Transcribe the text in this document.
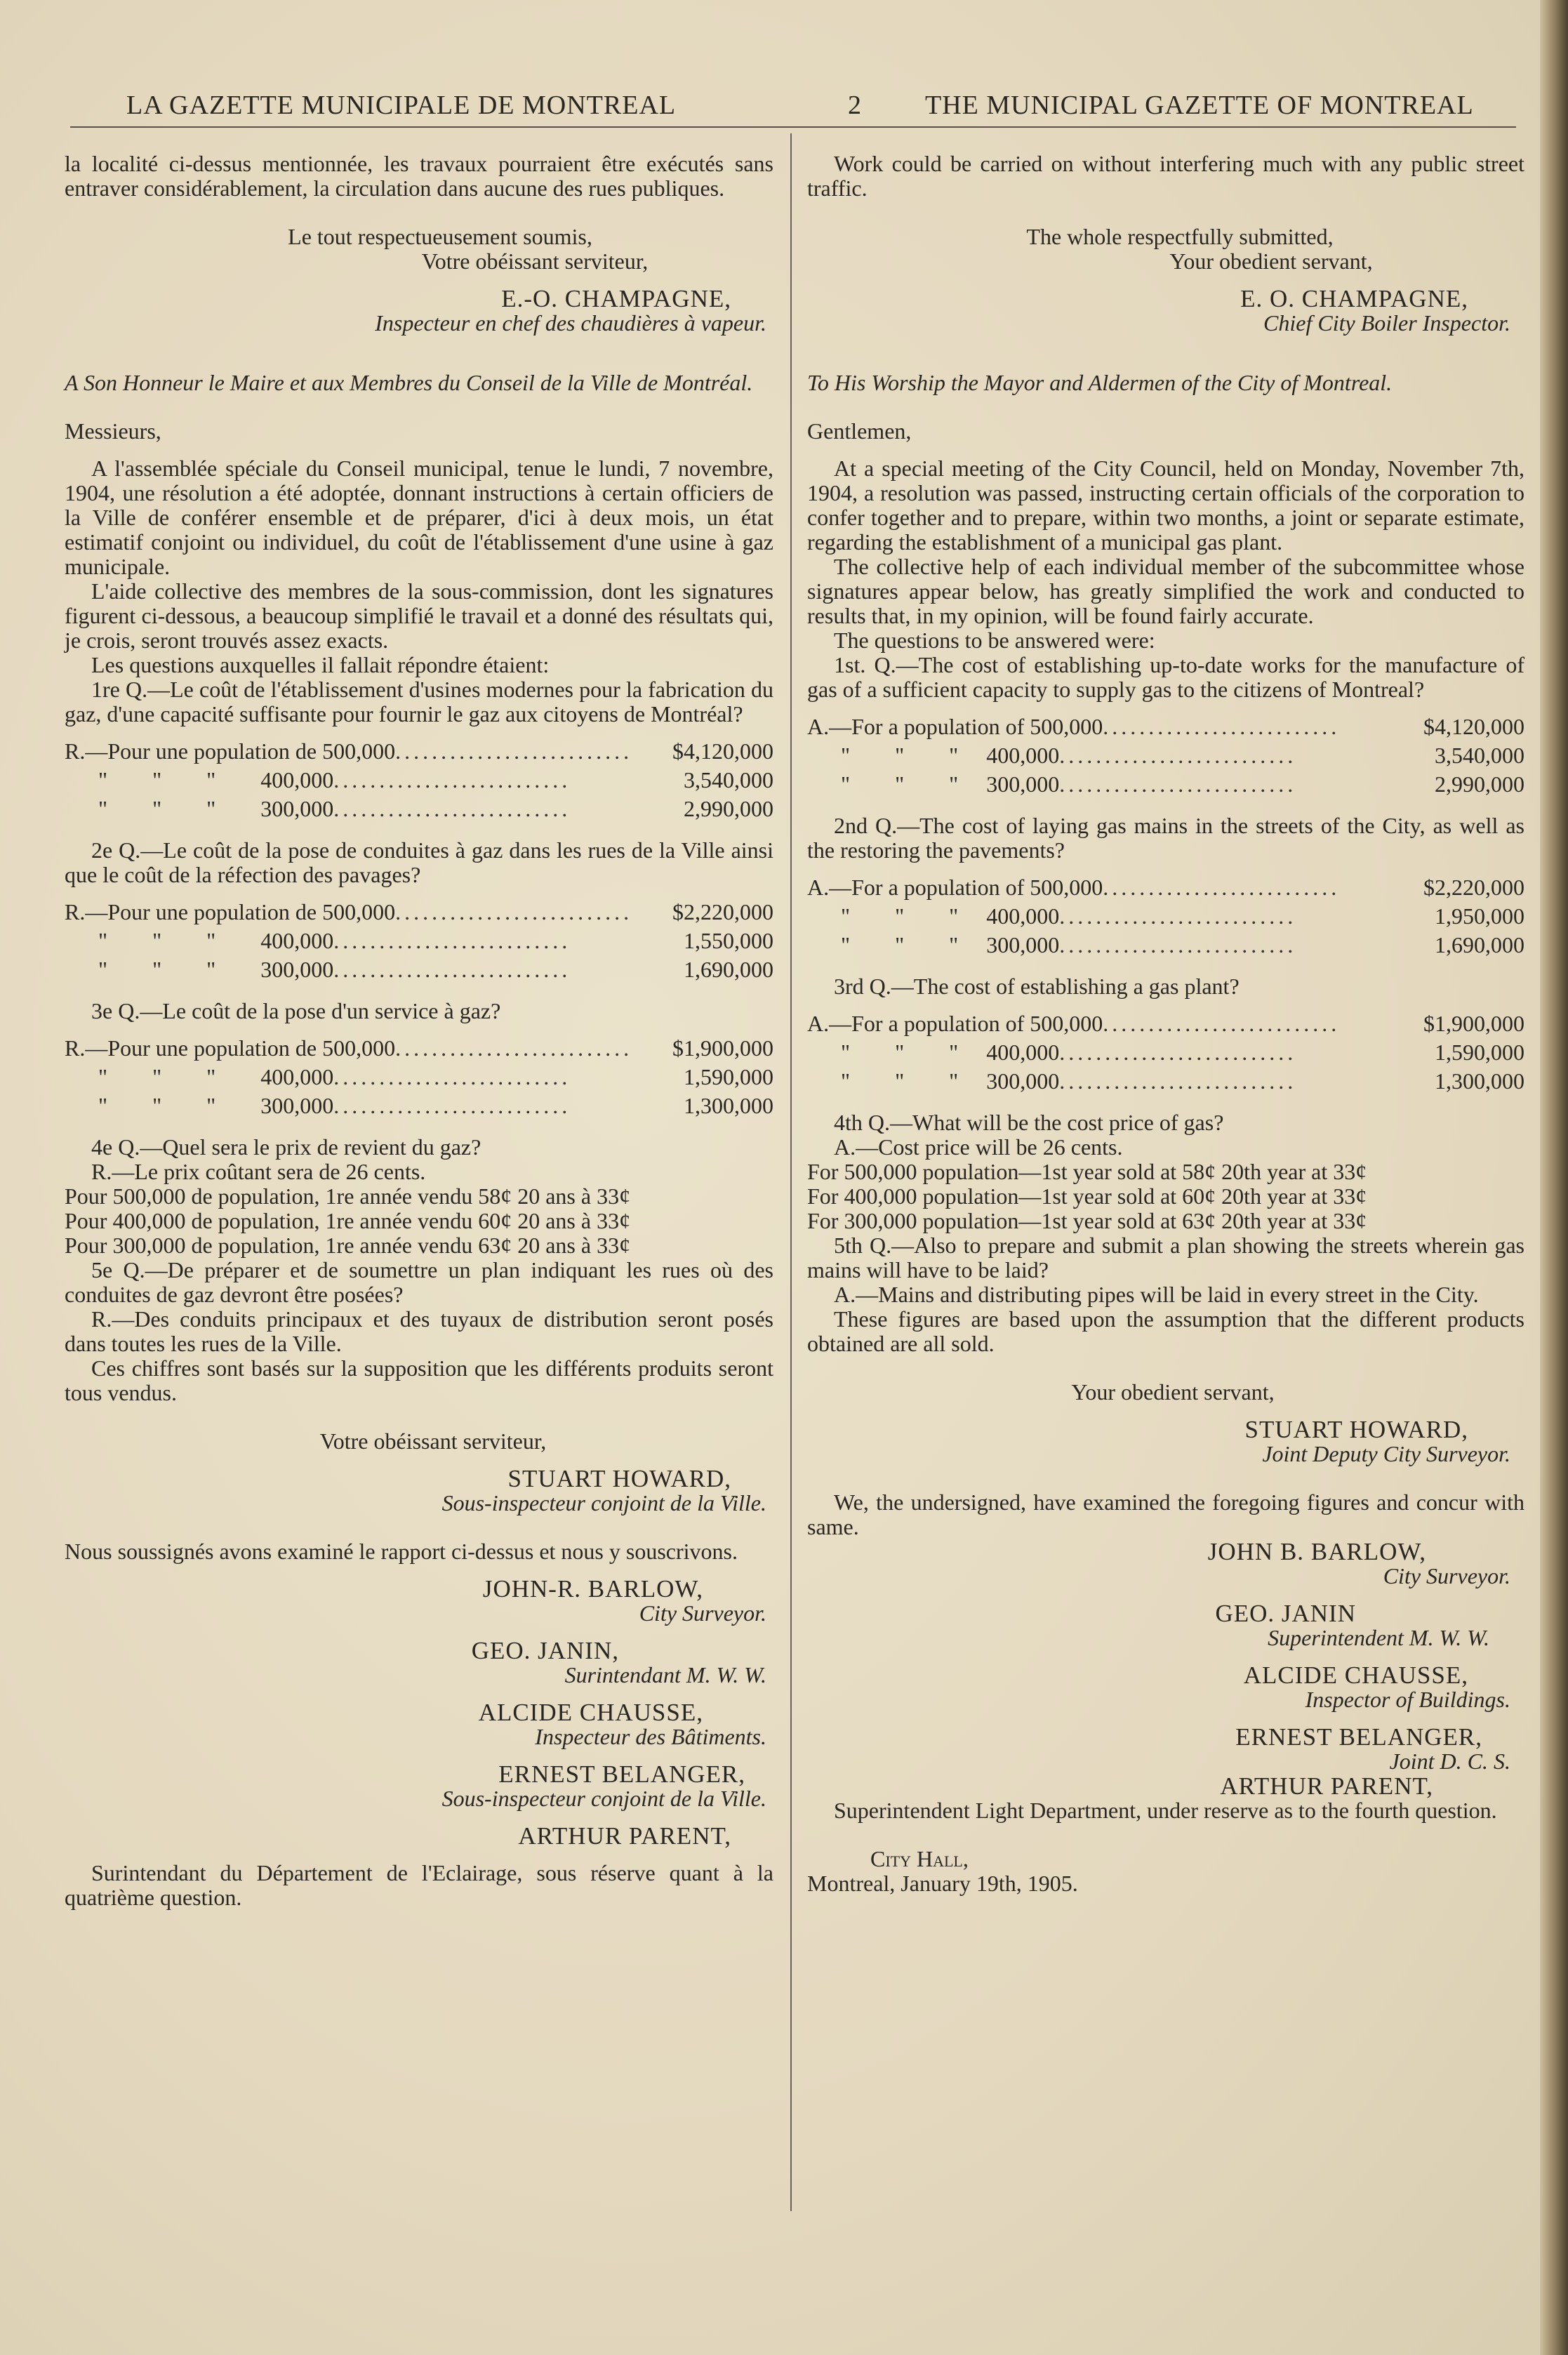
LA GAZETTE MUNICIPALE DE MONTREAL	2 THE MUNICIPAL GAZETTE OF MONTREAL

la localité ci-dessus mentionnée, les travaux pourraient être exécutés sans entraver considérablement, la circulation dans aucune des rues publiques.

Le tout respectueusement soumis,

Votre obéissant serviteur,

E.-O. CHAMPAGNE,

Inspecteur en chef des chaudières à vapeur.

A Son Honneur le Maire et aux Membres du Conseil de la Ville de Montréal.

Messieurs,

A l'assemblée spéciale du Conseil municipal, tenue le lundi, 7 novembre, 1904, une résolution a été adoptée, donnant instructions à certain officiers de la Ville de conférer ensemble et de préparer, d'ici à deux mois, un état estimatif conjoint ou individuel, du coût de l'établissement d'une usine à gaz municipale.

L'aide collective des membres de la sous-commission, dont les signatures figurent ci-dessous, a beaucoup simplifié le travail et a donné des résultats qui, je crois, seront trouvés assez exacts.

Les questions auxquelles il fallait répondre étaient:

1re Q.—Le coût de l'établissement d'usines modernes pour la fabrication du gaz, d'une capacité suffisante pour fournir le gaz aux citoyens de Montréal?

R.—Pour une population de 500,000 ..........................	$4,120,000
"        "        "        400,000 ..........................	3,540,000
"        "        "        300,000 ..........................	2,990,000

2e Q.—Le coût de la pose de conduites à gaz dans les rues de la Ville ainsi que le coût de la réfection des pavages?

R.—Pour une population de 500,000 ..........................	$2,220,000
"        "        "        400,000 ..........................	1,550,000
"        "        "        300,000 ..........................	1,690,000

3e Q.—Le coût de la pose d'un service à gaz?

R.—Pour une population de 500,000 ..........................	$1,900,000
"        "        "        400,000 ..........................	1,590,000
"        "        "        300,000 ..........................	1,300,000

4e Q.—Quel sera le prix de revient du gaz?

R.—Le prix coûtant sera de 26 cents.

Pour 500,000 de population, 1re année vendu 58¢ 20 ans à 33¢

Pour 400,000 de population, 1re année vendu 60¢ 20 ans à 33¢

Pour 300,000 de population, 1re année vendu 63¢ 20 ans à 33¢

5e Q.—De préparer et de soumettre un plan indiquant les rues où des conduites de gaz devront être posées?

R.—Des conduits principaux et des tuyaux de distribution seront posés dans toutes les rues de la Ville.

Ces chiffres sont basés sur la supposition que les différents produits seront tous vendus.

Votre obéissant serviteur,

STUART HOWARD,

Sous-inspecteur conjoint de la Ville.

Nous soussignés avons examiné le rapport ci-dessus et nous y souscrivons.

JOHN-R. BARLOW,

City Surveyor.

GEO. JANIN,

Surintendant M. W. W.

ALCIDE CHAUSSE,

Inspecteur des Bâtiments.

ERNEST BELANGER,

Sous-inspecteur conjoint de la Ville.

ARTHUR PARENT,

Surintendant du Département de l'Eclairage, sous réserve quant à la quatrième question.

Work could be carried on without interfering much with any public street traffic.

The whole respectfully submitted,

Your obedient servant,

E. O. CHAMPAGNE,

Chief City Boiler Inspector.

To His Worship the Mayor and Aldermen of the City of Montreal.

Gentlemen,

At a special meeting of the City Council, held on Monday, November 7th, 1904, a resolution was passed, instructing certain officials of the corporation to confer together and to prepare, within two months, a joint or separate estimate, regarding the establishment of a municipal gas plant.

The collective help of each individual member of the subcommittee whose signatures appear below, has greatly simplified the work and conducted to results that, in my opinion, will be found fairly accurate.

The questions to be answered were:

1st. Q.—The cost of establishing up-to-date works for the manufacture of gas of a sufficient capacity to supply gas to the citizens of Montreal?

A.—For a population of 500,000 ..........................	$4,120,000
"        "        "     400,000 ..........................	3,540,000
"        "        "     300,000 ..........................	2,990,000

2nd Q.—The cost of laying gas mains in the streets of the City, as well as the restoring the pavements?

A.—For a population of 500,000 ..........................	$2,220,000
"        "        "     400,000 ..........................	1,950,000
"        "        "     300,000 ..........................	1,690,000

3rd Q.—The cost of establishing a gas plant?

A.—For a population of 500,000 ..........................	$1,900,000
"        "        "     400,000 ..........................	1,590,000
"        "        "     300,000 ..........................	1,300,000

4th Q.—What will be the cost price of gas?

A.—Cost price will be 26 cents.

For 500,000 population—1st year sold at 58¢ 20th year at 33¢

For 400,000 population—1st year sold at 60¢ 20th year at 33¢

For 300,000 population—1st year sold at 63¢ 20th year at 33¢

5th Q.—Also to prepare and submit a plan showing the streets wherein gas mains will have to be laid?

A.—Mains and distributing pipes will be laid in every street in the City.

These figures are based upon the assumption that the different products obtained are all sold.

Your obedient servant,

STUART HOWARD,

Joint Deputy City Surveyor.

We, the undersigned, have examined the foregoing figures and concur with same.

JOHN B. BARLOW,

City Surveyor.

GEO. JANIN

Superintendent M. W. W.

ALCIDE CHAUSSE,

Inspector of Buildings.

ERNEST BELANGER,

Joint D. C. S.

ARTHUR PARENT,

Superintendent Light Department, under reserve as to the fourth question.

City Hall,

Montreal, January 19th, 1905.
